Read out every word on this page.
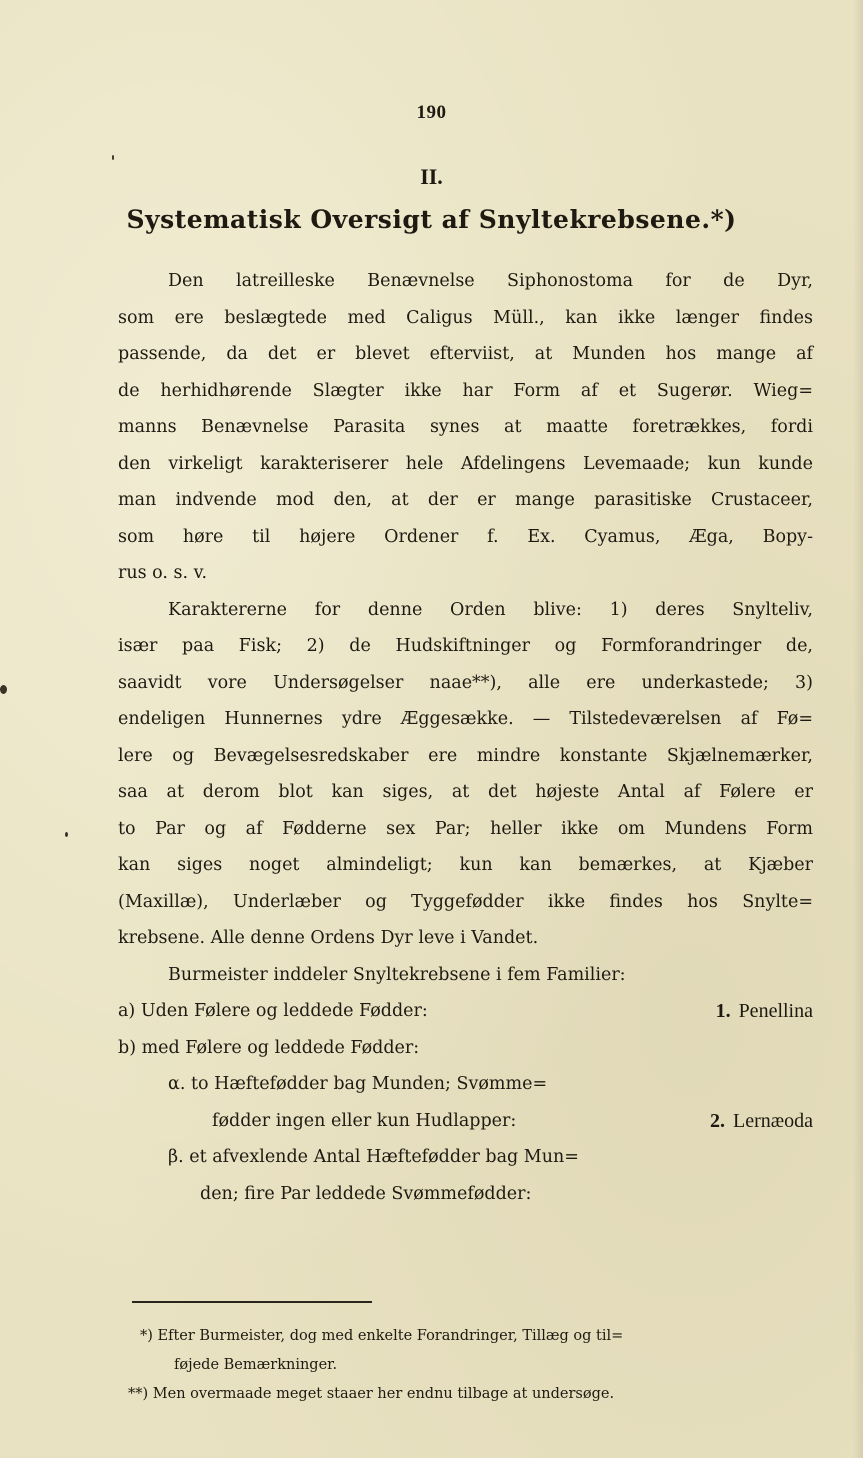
190
II.
Systematisk Oversigt af Snyltekrebsene.*)
Den latreilleske Benævnelse Siphonostoma for de Dyr,
som ere beslægtede med Caligus Müll., kan ikke længer findes
passende, da det er blevet efterviist, at Munden hos mange af
de herhidhørende Slægter ikke har Form af et Sugerør. Wieg=
manns Benævnelse Parasita synes at maatte foretrækkes, fordi
den virkeligt karakteriserer hele Afdelingens Levemaade; kun kunde
man indvende mod den, at der er mange parasitiske Crustaceer,
som høre til højere Ordener f. Ex. Cyamus, Æga, Bopy-
rus o. s. v.
Karaktererne for denne Orden blive: 1) deres Snylteliv,
især paa Fisk; 2) de Hudskiftninger og Formforandringer de,
saavidt vore Undersøgelser naae**), alle ere underkastede; 3)
endeligen Hunnernes ydre Æggesække. — Tilstedeværelsen af Fø=
lere og Bevægelsesredskaber ere mindre konstante Skjælnemærker,
saa at derom blot kan siges, at det højeste Antal af Følere er
to Par og af Fødderne sex Par; heller ikke om Mundens Form
kan siges noget almindeligt; kun kan bemærkes, at Kjæber
(Maxillæ), Underlæber og Tyggefødder ikke findes hos Snylte=
krebsene. Alle denne Ordens Dyr leve i Vandet.
Burmeister inddeler Snyltekrebsene i fem Familier:
a) Uden Følere og leddede Fødder:	1. Penellina
b) med Følere og leddede Fødder:
α. to Hæftefødder bag Munden; Svømme=
fødder ingen eller kun Hudlapper:	2. Lernæoda
β. et afvexlende Antal Hæftefødder bag Mun=
den; fire Par leddede Svømmefødder:
*) Efter Burmeister, dog med enkelte Forandringer, Tillæg og til=
føjede Bemærkninger.
**) Men overmaade meget staaer her endnu tilbage at undersøge.
